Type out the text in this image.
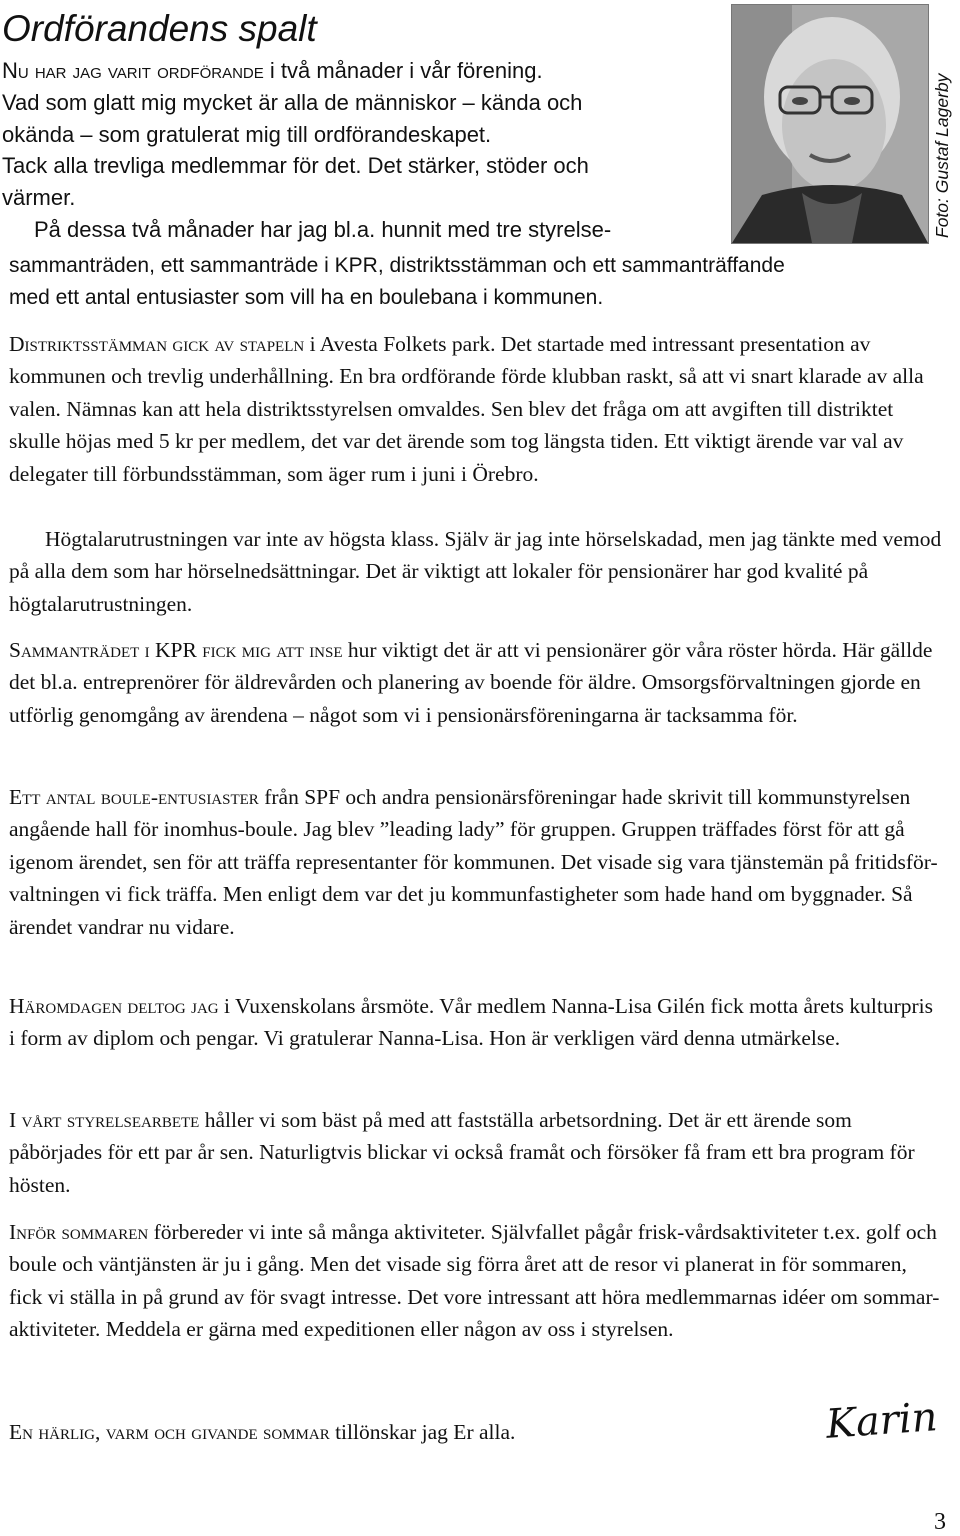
Ordförandens spalt
Nu har jag varit ordförande i två månader i vår förening.
Vad som glatt mig mycket är alla de människor – kända och
okända – som gratulerat mig till ordförandeskapet.
Tack alla trevliga medlemmar för det. Det stärker, stöder och
värmer.
På dessa två månader har jag bl.a. hunnit med tre styrelse-	Foto: Gustaf Lagerby
sammanträden, ett sammanträde i KPR, distriktsstämman och ett sammanträffande
med ett antal entusiaster som vill ha en boulebana i kommunen.

Distriktsstämman gick av stapeln i Avesta Folkets park. Det startade med intressant presentation av kommunen och trevlig underhållning. En bra ordförande förde klubban raskt, så att vi snart klarade av alla valen. Nämnas kan att hela distriktsstyrelsen omvaldes. Sen blev det fråga om att avgiften till distriktet skulle höjas med 5 kr per medlem, det var det ärende som tog längsta tiden. Ett viktigt ärende var val av delegater till förbundsstämman, som äger rum i juni i Örebro.

Högtalarutrustningen var inte av högsta klass. Själv är jag inte hörselskadad, men jag tänkte med vemod på alla dem som har hörselnedsättningar. Det är viktigt att lokaler för pensionärer har god kvalité på högtalarutrustningen.

Sammanträdet i KPR fick mig att inse hur viktigt det är att vi pensionärer gör våra röster hörda. Här gällde det bl.a. entreprenörer för äldrevården och planering av boende för äldre. Omsorgsförvaltningen gjorde en utförlig genomgång av ärendena – något som vi i pensionärsföreningarna är tacksamma för.

Ett antal boule-entusiaster från SPF och andra pensionärsföreningar hade skrivit till kommunstyrelsen angående hall för inomhus-boule. Jag blev ”leading lady” för gruppen. Gruppen träffades först för att gå igenom ärendet, sen för att träffa representanter för kommunen. Det visade sig vara tjänstemän på fritidsför-valtningen vi fick träffa. Men enligt dem var det ju kommunfastigheter som hade hand om byggnader. Så ärendet vandrar nu vidare.

Häromdagen deltog jag i Vuxenskolans årsmöte. Vår medlem Nanna-Lisa Gilén fick motta årets kulturpris i form av diplom och pengar. Vi gratulerar Nanna-Lisa. Hon är verkligen värd denna utmärkelse.

I vårt styrelsearbete håller vi som bäst på med att fastställa arbetsordning. Det är ett ärende som påbörjades för ett par år sen. Naturligtvis blickar vi också framåt och försöker få fram ett bra program för hösten.

Inför sommaren förbereder vi inte så många aktiviteter. Självfallet pågår frisk-vårdsaktiviteter t.ex. golf och boule och väntjänsten är ju i gång. Men det visade sig förra året att de resor vi planerat in för sommaren, fick vi ställa in på grund av för svagt intresse. Det vore intressant att höra medlemmarnas idéer om sommar-aktiviteter. Meddela er gärna med expeditionen eller någon av oss i styrelsen.

En härlig, varm och givande sommar tillönskar jag Er alla.	Karin
3
